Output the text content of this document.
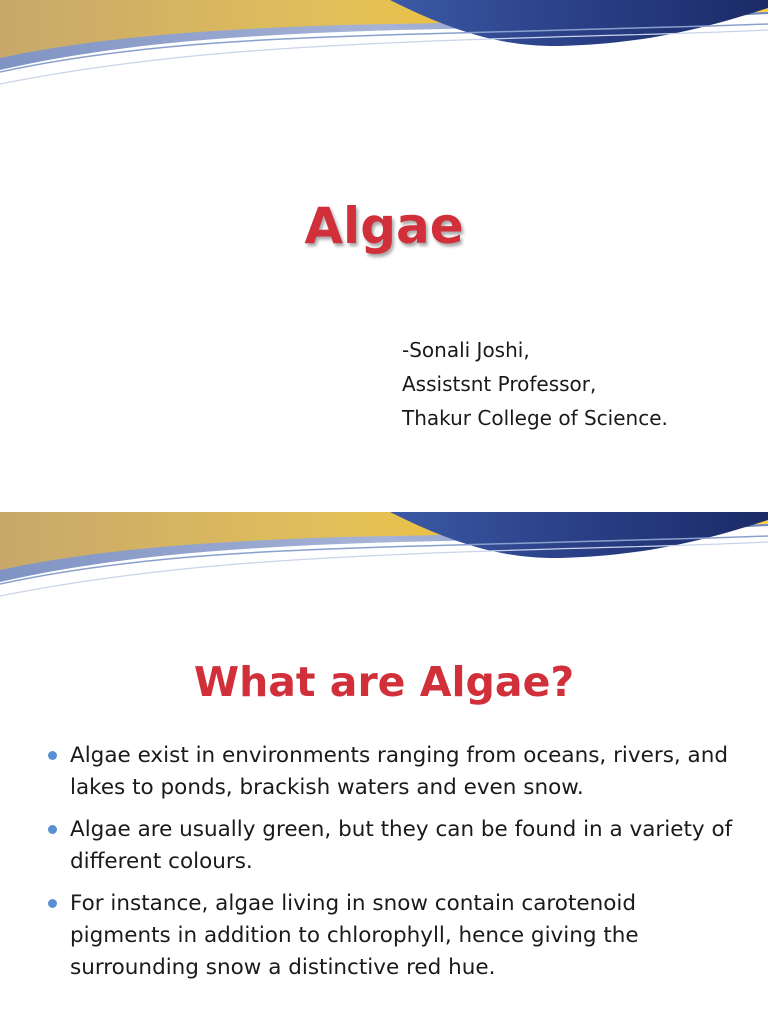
Algae
-Sonali Joshi,
Assistsnt Professor,
Thakur College of Science.
What are Algae?
Algae exist in environments ranging from oceans, rivers, and lakes to ponds, brackish waters and even snow.
Algae are usually green, but they can be found in a variety of different colours.
For instance, algae living in snow contain carotenoid pigments in addition to chlorophyll, hence giving the surrounding snow a distinctive red hue.
